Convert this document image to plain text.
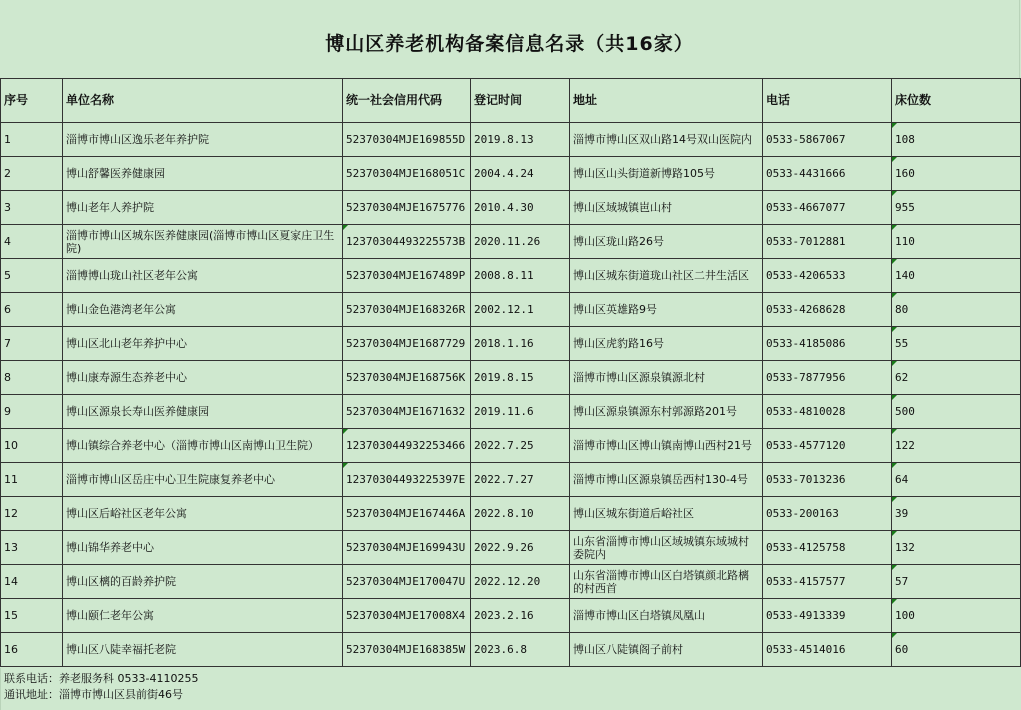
博山区养老机构备案信息名录（共16家）
序号	单位名称	统一社会信用代码	登记时间	地址	电话	床位数
1	淄博市博山区逸乐老年养护院	52370304MJE169855D	2019.8.13	淄博市博山区双山路14号双山医院内	0533-5867067	108
2	博山舒馨医养健康园	52370304MJE168051C	2004.4.24	博山区山头街道新博路105号	0533-4431666	160
3	博山老年人养护院	52370304MJE1675776	2010.4.30	博山区域城镇岜山村	0533-4667077	955
4	淄博市博山区城东医养健康园(淄博市博山区夏家庄卫生院)	12370304493225573B	2020.11.26	博山区珑山路26号	0533-7012881	110
5	淄博博山珑山社区老年公寓	52370304MJE167489P	2008.8.11	博山区城东街道珑山社区二井生活区	0533-4206533	140
6	博山金色港湾老年公寓	52370304MJE168326R	2002.12.1	博山区英雄路9号	0533-4268628	80
7	博山区北山老年养护中心	52370304MJE1687729	2018.1.16	博山区虎豹路16号	0533-4185086	55
8	博山康寿源生态养老中心	52370304MJE168756K	2019.8.15	淄博市博山区源泉镇源北村	0533-7877956	62
9	博山区源泉长寿山医养健康园	52370304MJE1671632	2019.11.6	博山区源泉镇源东村郭源路201号	0533-4810028	500
10	博山镇综合养老中心（淄博市博山区南博山卫生院）	123703044932253466	2022.7.25	淄博市博山区博山镇南博山西村21号	0533-4577120	122
11	淄博市博山区岳庄中心卫生院康复养老中心	12370304493225397E	2022.7.27	淄博市博山区源泉镇岳西村130-4号	0533-7013236	64
12	博山区后峪社区老年公寓	52370304MJE167446A	2022.8.10	博山区城东街道后峪社区	0533-200163	39
13	博山锦华养老中心	52370304MJE169943U	2022.9.26	山东省淄博市博山区域城镇东域城村委院内	0533-4125758	132
14	博山区樆的百龄养护院	52370304MJE170047U	2022.12.20	山东省淄博市博山区白塔镇颜北路樆的村西首	0533-4157577	57
15	博山颐仁老年公寓	52370304MJE17008X4	2023.2.16	淄博市博山区白塔镇凤凰山	0533-4913339	100
16	博山区八陡幸福托老院	52370304MJE168385W	2023.6.8	博山区八陡镇阁子前村	0533-4514016	60
联系电话：养老服务科 0533-4110255
通讯地址：淄博市博山区县前街46号
